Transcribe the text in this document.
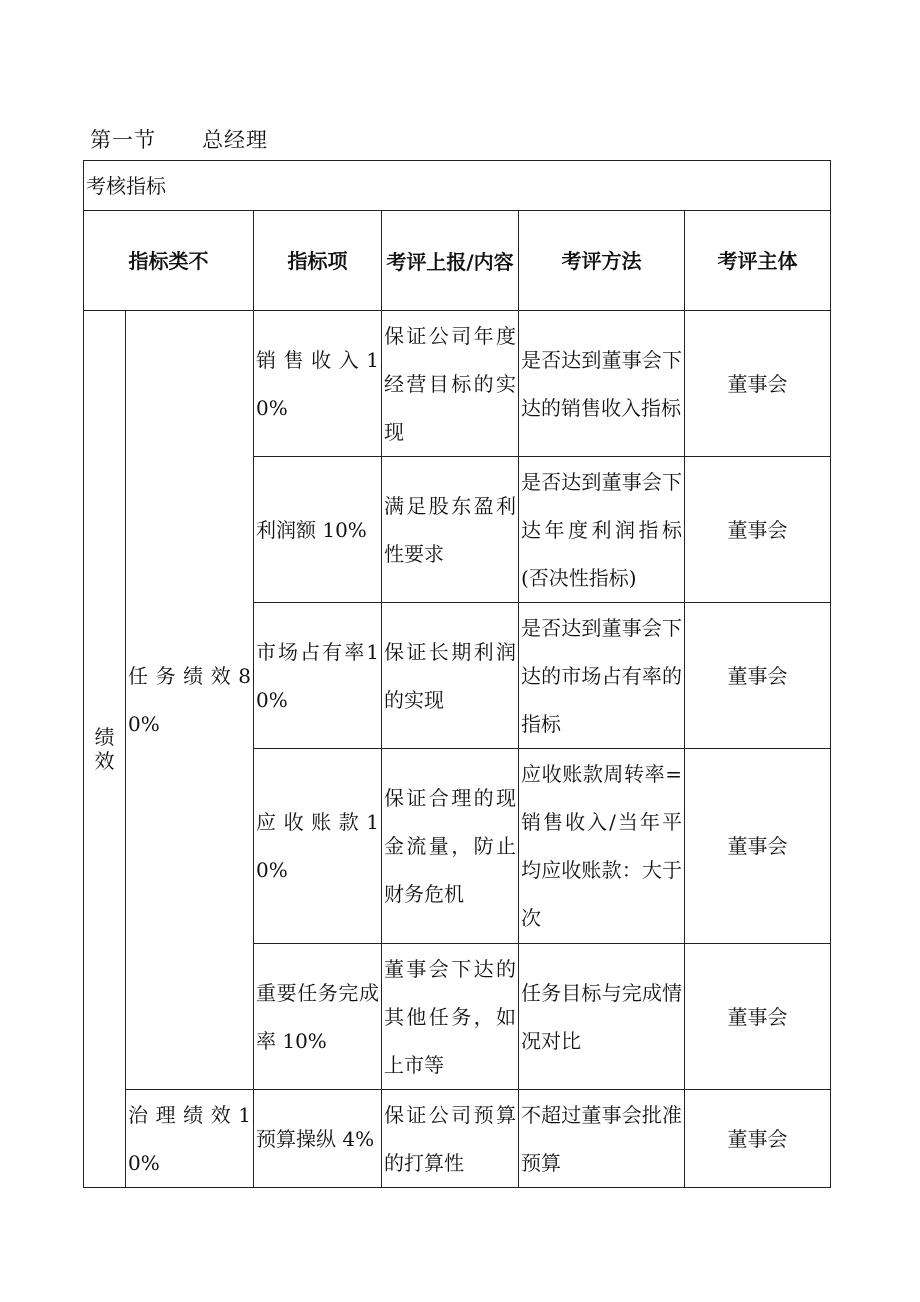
第一节 总经理
考核指标					
指标类不		指标项	考评上报/内容	考评方法	考评主体

绩效	任务绩效80%	销售收入10%	保证公司年度经营目标的实现	是否达到董事会下达的销售收入指标	董事会

		利润额 10%	满足股东盈利性要求	是否达到董事会下达年度利润指标(否决性指标)	董事会

		市场占有率10%	保证长期利润的实现	是否达到董事会下达的市场占有率的指标	董事会

		应收账款10%	保证合理的现金流量，防止财务危机	应收账款周转率=销售收入/当年平均应收账款：大于次	董事会

		重要任务完成率 10%	董事会下达的其他任务，如上市等	任务目标与完成情况对比	董事会

	治理绩效10%	预算操纵 4%	保证公司预算的打算性	不超过董事会批准预算	董事会
